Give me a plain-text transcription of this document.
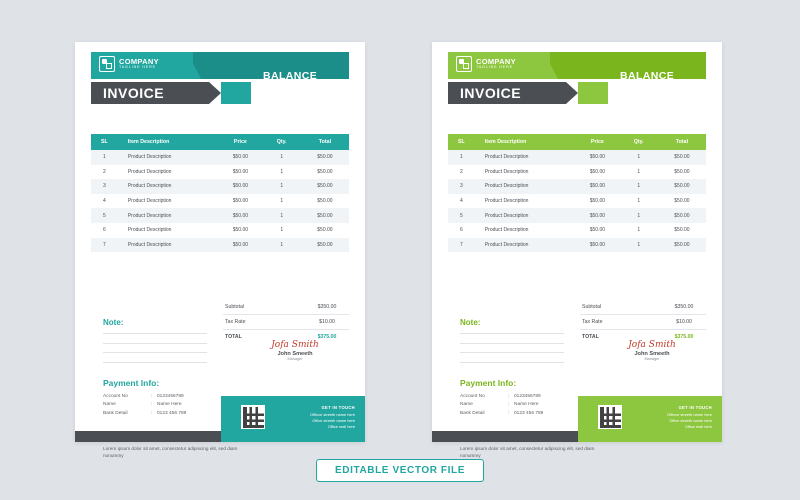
COMPANY
TAGLINE HERE
INVOICE
BALANCE
Total	0123456789
Paid	0123456789I0
Due	30 April 2045
SL	Item Description	Price	Qty.	Total
1	Product Description	$50.00	1	$50.00
2	Product Description	$50.00	1	$50.00
3	Product Description	$50.00	1	$50.00
4	Product Description	$50.00	1	$50.00
5	Product Description	$50.00	1	$50.00
6	Product Description	$50.00	1	$50.00
7	Product Description	$50.00	1	$50.00
Subtotal	$350.00
Tax Rate	$10.00
TOTAL	$375.00
Note:
Jofa Smith
John Smeeth
Manager
Payment Info:
Account No	: 0123456789
Name	: Name Here
Bank Detail	: 0123 456 789
Lorem ipsum dolor sit amet, consectetur adipiscing elit, sed diam nonummy
GET IN TOUCH
Offince streeth name here
Office streeth name here
Office mail here
COMPANY
TAGLINE HERE
INVOICE
BALANCE
Total	0123456789
Paid	0123456789I0
Due	30 April 2045
SL	Item Description	Price	Qty.	Total
1	Product Description	$50.00	1	$50.00
2	Product Description	$50.00	1	$50.00
3	Product Description	$50.00	1	$50.00
4	Product Description	$50.00	1	$50.00
5	Product Description	$50.00	1	$50.00
6	Product Description	$50.00	1	$50.00
7	Product Description	$50.00	1	$50.00
Subtotal	$350.00
Tax Rate	$10.00
TOTAL	$375.00
Note:
Jofa Smith
John Smeeth
Manager
Payment Info:
Account No	: 0123456789
Name	: Name Here
Bank Detail	: 0123 456 789
Lorem ipsum dolor sit amet, consectetur adipiscing elit, sed diam nonummy
GET IN TOUCH
Offince streeth name here
Office streeth name here
Office mail here
EDITABLE VECTOR FILE
